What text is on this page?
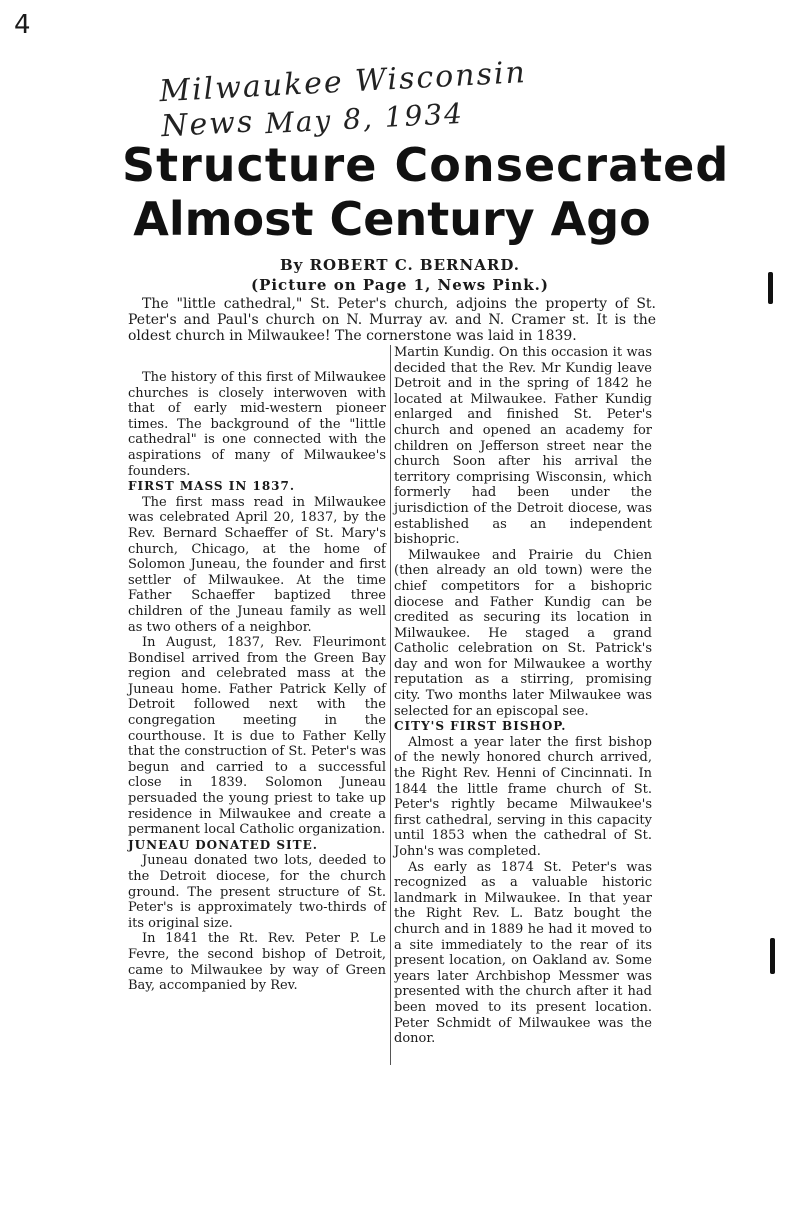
4
Milwaukee Wisconsin News May 8, 1934
Structure Consecrated
Almost Century Ago
By ROBERT C. BERNARD.
(Picture on Page 1, News Pink.)

The "little cathedral," St. Peter's church, adjoins the property of St. Peter's and Paul's church on N. Murray av. and N. Cramer st. It is the oldest church in Milwaukee! The cornerstone was laid in 1839.

The history of this first of Milwaukee churches is closely interwoven with that of early mid-western pioneer times. The background of the "little cathedral" is one connected with the aspirations of many of Milwaukee's founders.

FIRST MASS IN 1837.

The first mass read in Milwaukee was celebrated April 20, 1837, by the Rev. Bernard Schaeffer of St. Mary's church, Chicago, at the home of Solomon Juneau, the founder and first settler of Milwaukee. At the time Father Schaeffer baptized three children of the Juneau family as well as two others of a neighbor.

In August, 1837, Rev. Fleurimont Bondisel arrived from the Green Bay region and celebrated mass at the Juneau home. Father Patrick Kelly of Detroit followed next with the congregation meeting in the courthouse. It is due to Father Kelly that the construction of St. Peter's was begun and carried to a successful close in 1839. Solomon Juneau persuaded the young priest to take up residence in Milwaukee and create a permanent local Catholic organization.

JUNEAU DONATED SITE.

Juneau donated two lots, deeded to the Detroit diocese, for the church ground. The present structure of St. Peter's is approximately two-thirds of its original size.

In 1841 the Rt. Rev. Peter P. Le Fevre, the second bishop of Detroit, came to Milwaukee by way of Green Bay, accompanied by Rev.

Martin Kundig. On this occasion it was decided that the Rev. Mr Kundig leave Detroit and in the spring of 1842 he located at Milwaukee. Father Kundig enlarged and finished St. Peter's church and opened an academy for children on Jefferson street near the church Soon after his arrival the territory comprising Wisconsin, which formerly had been under the jurisdiction of the Detroit diocese, was established as an independent bishopric.

Milwaukee and Prairie du Chien (then already an old town) were the chief competitors for a bishopric diocese and Father Kundig can be credited as securing its location in Milwaukee. He staged a grand Catholic celebration on St. Patrick's day and won for Milwaukee a worthy reputation as a stirring, promising city. Two months later Milwaukee was selected for an episcopal see.

CITY'S FIRST BISHOP.

Almost a year later the first bishop of the newly honored church arrived, the Right Rev. Henni of Cincinnati. In 1844 the little frame church of St. Peter's rightly became Milwaukee's first cathedral, serving in this capacity until 1853 when the cathedral of St. John's was completed.

As early as 1874 St. Peter's was recognized as a valuable historic landmark in Milwaukee. In that year the Right Rev. L. Batz bought the church and in 1889 he had it moved to a site immediately to the rear of its present location, on Oakland av. Some years later Archbishop Messmer was presented with the church after it had been moved to its present location. Peter Schmidt of Milwaukee was the donor.
